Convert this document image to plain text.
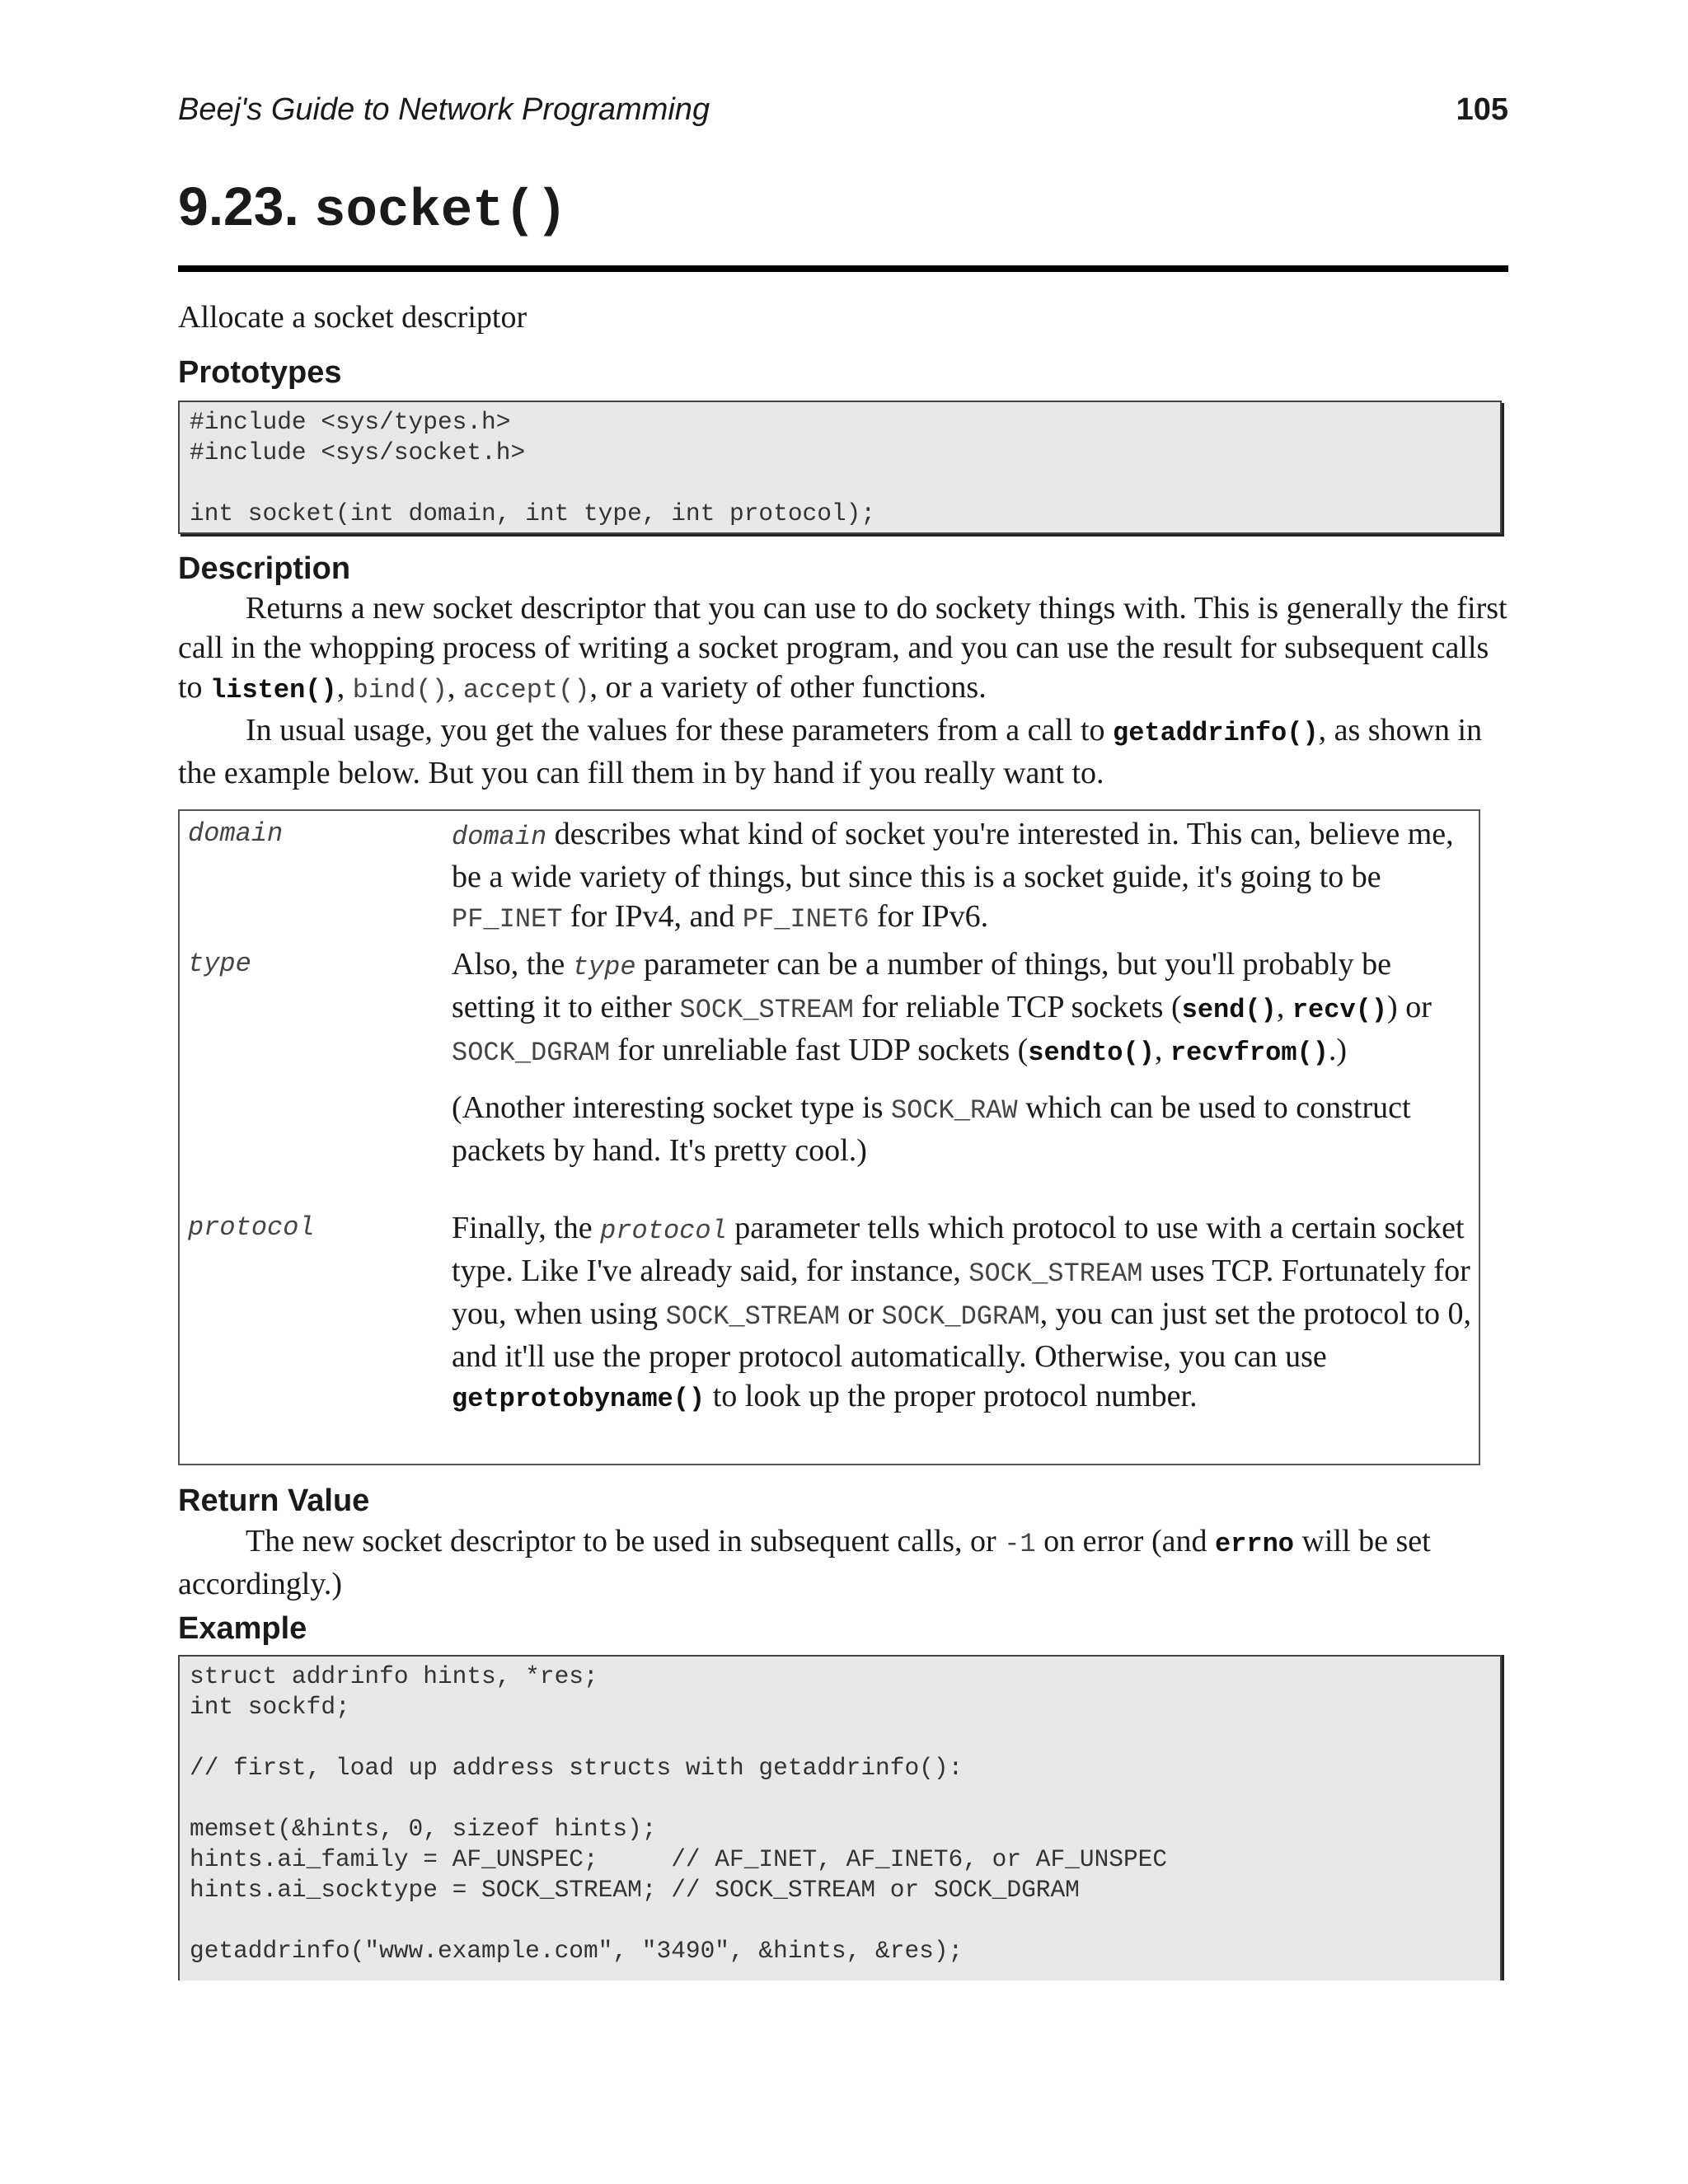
Beej's Guide to Network Programming	105
9.23. socket()

Allocate a socket descriptor

Prototypes
#include <sys/types.h>
#include <sys/socket.h>
int socket(int domain, int type, int protocol);
Description

Returns a new socket descriptor that you can use to do sockety things with. This is generally the first call in the whopping process of writing a socket program, and you can use the result for subsequent calls to listen(), bind(), accept(), or a variety of other functions.

In usual usage, you get the values for these parameters from a call to getaddrinfo(), as shown in the example below. But you can fill them in by hand if you really want to.

domain	domain describes what kind of socket you're interested in. This can, believe me, be a wide variety of things, but since this is a socket guide, it's going to be PF_INET for IPv4, and PF_INET6 for IPv6.

type	Also, the type parameter can be a number of things, but you'll probably be setting it to either SOCK_STREAM for reliable TCP sockets (send(), recv()) or SOCK_DGRAM for unreliable fast UDP sockets (sendto(), recvfrom().)

(Another interesting socket type is SOCK_RAW which can be used to construct packets by hand. It's pretty cool.)

protocol	Finally, the protocol parameter tells which protocol to use with a certain socket type. Like I've already said, for instance, SOCK_STREAM uses TCP. Fortunately for you, when using SOCK_STREAM or SOCK_DGRAM, you can just set the protocol to 0, and it'll use the proper protocol automatically. Otherwise, you can use getprotobyname() to look up the proper protocol number.

Return Value

The new socket descriptor to be used in subsequent calls, or -1 on error (and errno will be set accordingly.)

Example
struct addrinfo hints, *res;
int sockfd;
// first, load up address structs with getaddrinfo():
memset(&hints, 0, sizeof hints);
hints.ai_family = AF_UNSPEC;     // AF_INET, AF_INET6, or AF_UNSPEC
hints.ai_socktype = SOCK_STREAM; // SOCK_STREAM or SOCK_DGRAM
getaddrinfo("www.example.com", "3490", &hints, &res);
